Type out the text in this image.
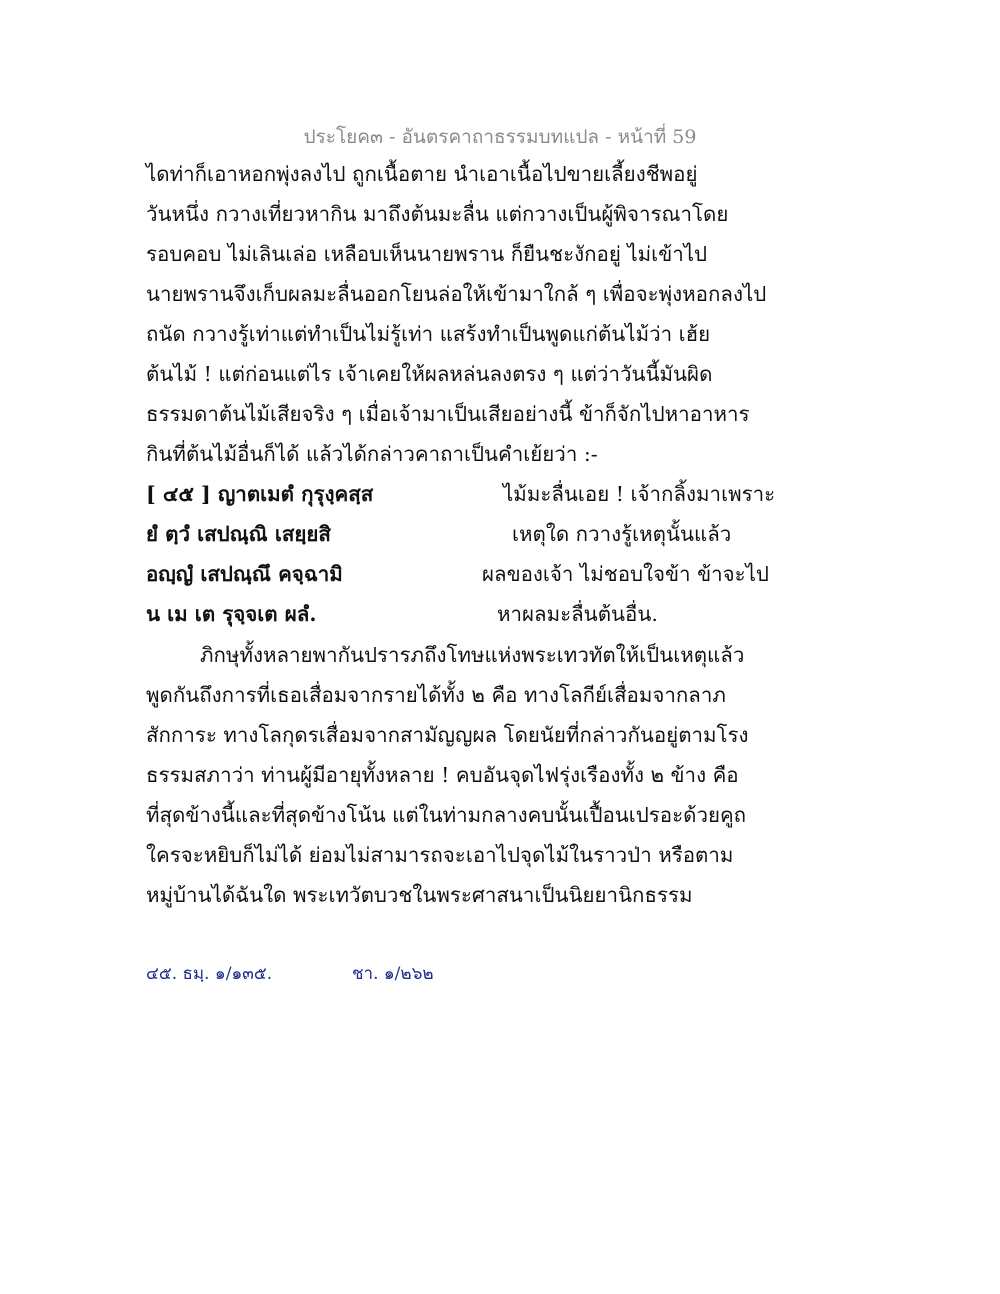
ประโยค๓ - อันตรคาถาธรรมบทแปล - หน้าที่ 59
ไดท่าก็เอาหอกพุ่งลงไป ถูกเนื้อตาย นำเอาเนื้อไปขายเลี้ยงชีพอยู่
วันหนึ่ง กวางเที่ยวหากิน มาถึงต้นมะลื่น แต่กวางเป็นผู้พิจารณาโดย
รอบคอบ ไม่เลินเล่อ เหลือบเห็นนายพราน ก็ยืนชะงักอยู่ ไม่เข้าไป
นายพรานจึงเก็บผลมะลื่นออกโยนล่อให้เข้ามาใกล้ ๆ เพื่อจะพุ่งหอกลงไป
ถนัด กวางรู้เท่าแต่ทำเป็นไม่รู้เท่า แสร้งทำเป็นพูดแก่ต้นไม้ว่า เฮ้ย
ต้นไม้ ! แต่ก่อนแต่ไร เจ้าเคยให้ผลหล่นลงตรง ๆ แต่ว่าวันนี้มันผิด
ธรรมดาต้นไม้เสียจริง ๆ เมื่อเจ้ามาเป็นเสียอย่างนี้ ข้าก็จักไปหาอาหาร
กินที่ต้นไม้อื่นก็ได้ แล้วได้กล่าวคาถาเป็นคำเย้ยว่า :-
[ ๔๕ ] ญาตเมตํ กุรุงฺคสฺส
ยํ ตฺวํ เสปณฺณิ เสยฺยสิ
อญฺญํ เสปณฺณึ คจฺฉามิ
น เม เต รุจฺจเต ผลํ.
ไม้มะลื่นเอย ! เจ้ากลิ้งมาเพราะ
เหตุใด กวางรู้เหตุนั้นแล้ว
ผลของเจ้า ไม่ชอบใจข้า ข้าจะไป
หาผลมะลื่นต้นอื่น.
ภิกษุทั้งหลายพากันปรารภถึงโทษแห่งพระเทวทัตให้เป็นเหตุแล้ว
พูดกันถึงการที่เธอเสื่อมจากรายได้ทั้ง ๒ คือ ทางโลกีย์เสื่อมจากลาภ
สักการะ ทางโลกุดรเสื่อมจากสามัญญผล โดยนัยที่กล่าวกันอยู่ตามโรง
ธรรมสภาว่า ท่านผู้มีอายุทั้งหลาย ! คบอันจุดไฟรุ่งเรืองทั้ง ๒ ข้าง คือ
ที่สุดข้างนี้และที่สุดข้างโน้น แต่ในท่ามกลางคบนั้นเปื้อนเปรอะด้วยคูถ
ใครจะหยิบก็ไม่ได้ ย่อมไม่สามารถจะเอาไปจุดไม้ในราวป่า หรือตาม
หมู่บ้านได้ฉันใด พระเทวัตบวชในพระศาสนาเป็นนิยยานิกธรรม
๔๕. ธมฺ. ๑/๑๓๕.	ชา. ๑/๒๖๒
